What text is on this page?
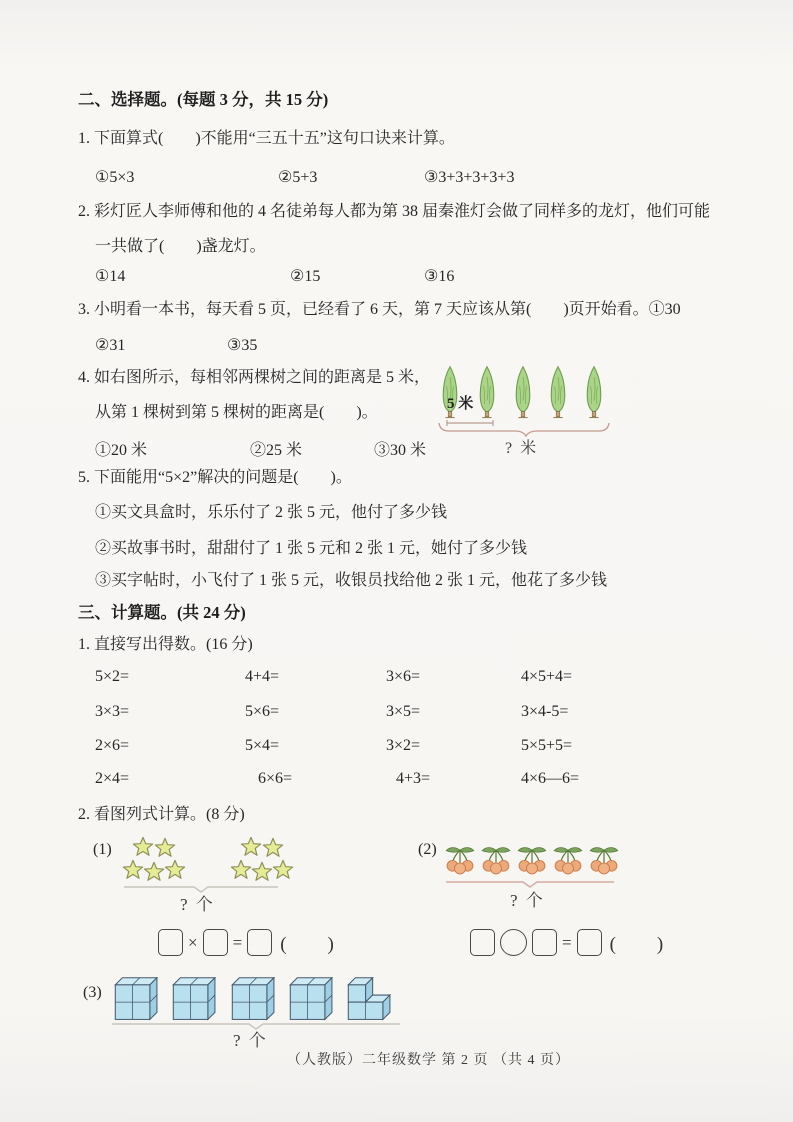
二、选择题。(每题 3 分，共 15 分)
1. 下面算式(　　)不能用“三五十五”这句口诀来计算。
①5×3	②5+3	③3+3+3+3+3
2. 彩灯匠人李师傅和他的 4 名徒弟每人都为第 38 届秦淮灯会做了同样多的龙灯，他们可能
一共做了(　　)盏龙灯。
①14	②15	③16
3. 小明看一本书，每天看 5 页，已经看了 6 天，第 7 天应该从第(　　)页开始看。①30
②31	③35
4. 如右图所示，每相邻两棵树之间的距离是 5 米，
从第 1 棵树到第 5 棵树的距离是(　　)。
①20 米	②25 米	③30 米
5 米
? 米
5. 下面能用“5×2”解决的问题是(　　)。
①买文具盒时，乐乐付了 2 张 5 元，他付了多少钱
②买故事书时，甜甜付了 1 张 5 元和 2 张 1 元，她付了多少钱
③买字帖时，小飞付了 1 张 5 元，收银员找给他 2 张 1 元，他花了多少钱
三、计算题。(共 24 分)
1. 直接写出得数。(16 分)
5×2=	4+4=	3×6=	4×5+4=
3×3=	5×6=	3×5=	3×4-5=
2×6=	5×4=	3×2=	5×5+5=
2×4=	6×6=	4+3=	4×6—6=
2. 看图列式计算。(8 分)
(1)
? 个
(2)
? 个
× = (　　)	= (　　)
(3)
? 个
（人教版）二年级数学 第 2 页 （共 4 页）
